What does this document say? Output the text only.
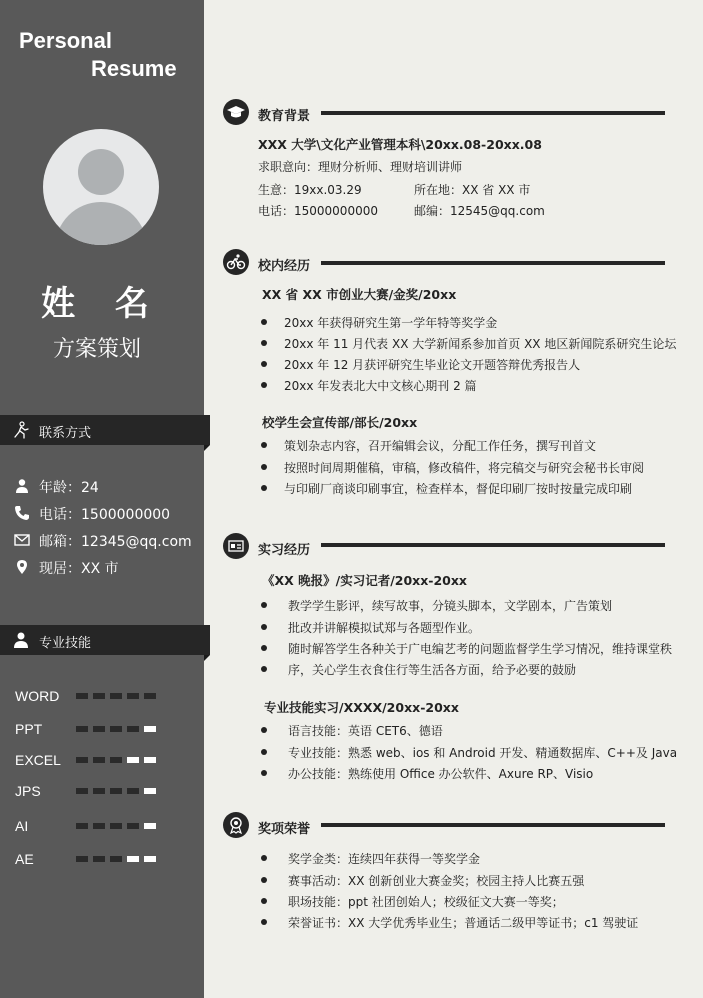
Personal
Resume
姓 名
方案策划
联系方式
年龄：24
电话：1500000000
邮箱：12345@qq.com
现居：XX 市
专业技能
WORD
PPT
EXCEL
JPS
AI
AE
教育背景
XXX 大学\文化产业管理本科\20xx.08-20xx.08
求职意向：理财分析师、理财培训讲师
生意：19xx.03.29	所在地：XX 省 XX 市
电话：15000000000	邮编：12545@qq.com
校内经历
XX 省 XX 市创业大赛/金奖/20xx
20xx 年获得研究生第一学年特等奖学金
20xx 年 11 月代表 XX 大学新闻系参加首页 XX 地区新闻院系研究生论坛
20xx 年 12 月获评研究生毕业论文开题答辩优秀报告人
20xx 年发表北大中文核心期刊 2 篇
校学生会宣传部/部长/20xx
策划杂志内容，召开编辑会议，分配工作任务，撰写刊首文
按照时间周期催稿，审稿，修改稿件，将完稿交与研究会秘书长审阅
与印刷厂商谈印刷事宜，检查样本，督促印刷厂按时按量完成印刷
实习经历
《XX 晚报》/实习记者/20xx-20xx
教学学生影评，续写故事，分镜头脚本，文学剧本，广告策划
批改并讲解模拟试郑与各题型作业。
随时解答学生各种关于广电编艺考的问题监督学生学习情况，维持课堂秩
序，关心学生衣食住行等生活各方面，给予必要的鼓励
专业技能实习/XXXX/20xx-20xx
语言技能：英语 CET6、德语
专业技能：熟悉 web、ios 和 Android 开发、精通数据库、C++及 Java
办公技能：熟练使用 Office 办公软件、Axure RP、Visio
奖项荣誉
奖学金类：连续四年获得一等奖学金
赛事活动：XX 创新创业大赛金奖；校园主持人比赛五强
职场技能：ppt 社团创始人；校级征文大赛一等奖；
荣誉证书：XX 大学优秀毕业生；普通话二级甲等证书；c1 驾驶证
